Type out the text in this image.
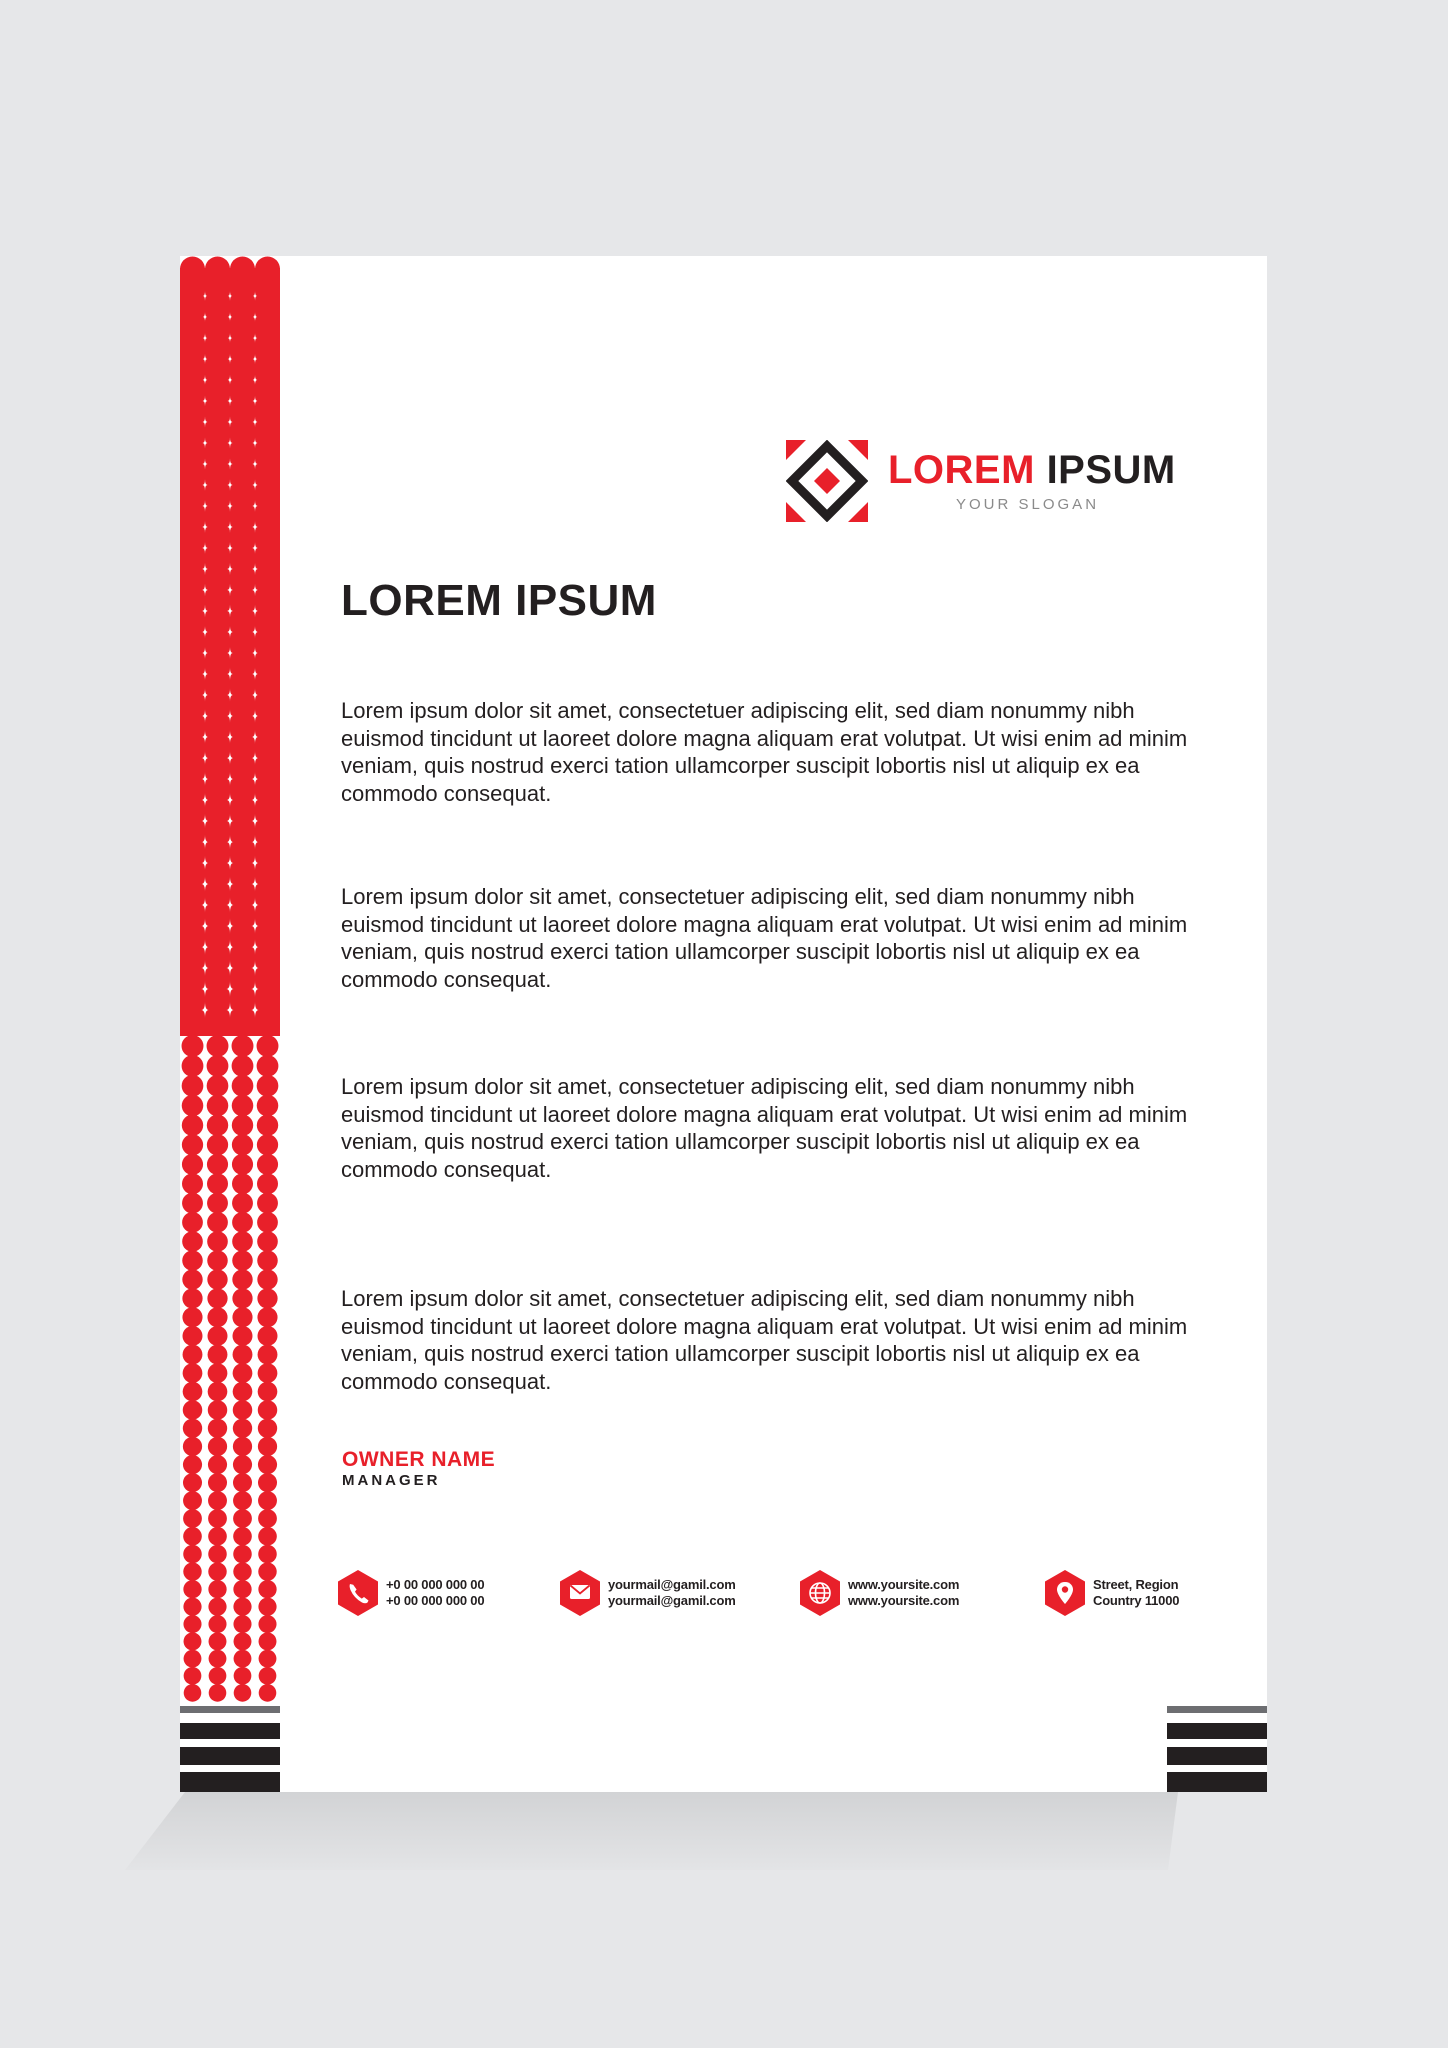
LOREM IPSUM
YOUR SLOGAN
LOREM IPSUM
Lorem ipsum dolor sit amet, consectetuer adipiscing elit, sed diam nonummy nibh euismod tincidunt ut laoreet dolore magna aliquam erat volutpat. Ut wisi enim ad minim veniam, quis nostrud exerci tation ullamcorper suscipit lobortis nisl ut aliquip ex ea commodo consequat.
Lorem ipsum dolor sit amet, consectetuer adipiscing elit, sed diam nonummy nibh euismod tincidunt ut laoreet dolore magna aliquam erat volutpat. Ut wisi enim ad minim veniam, quis nostrud exerci tation ullamcorper suscipit lobortis nisl ut aliquip ex ea commodo consequat.
Lorem ipsum dolor sit amet, consectetuer adipiscing elit, sed diam nonummy nibh euismod tincidunt ut laoreet dolore magna aliquam erat volutpat. Ut wisi enim ad minim veniam, quis nostrud exerci tation ullamcorper suscipit lobortis nisl ut aliquip ex ea commodo consequat.
Lorem ipsum dolor sit amet, consectetuer adipiscing elit, sed diam nonummy nibh euismod tincidunt ut laoreet dolore magna aliquam erat volutpat. Ut wisi enim ad minim veniam, quis nostrud exerci tation ullamcorper suscipit lobortis nisl ut aliquip ex ea commodo consequat.
OWNER NAME
MANAGER
+0 00 000 000 00
+0 00 000 000 00
yourmail@gamil.com
yourmail@gamil.com
www.yoursite.com
www.yoursite.com
Street, Region
Country 11000
